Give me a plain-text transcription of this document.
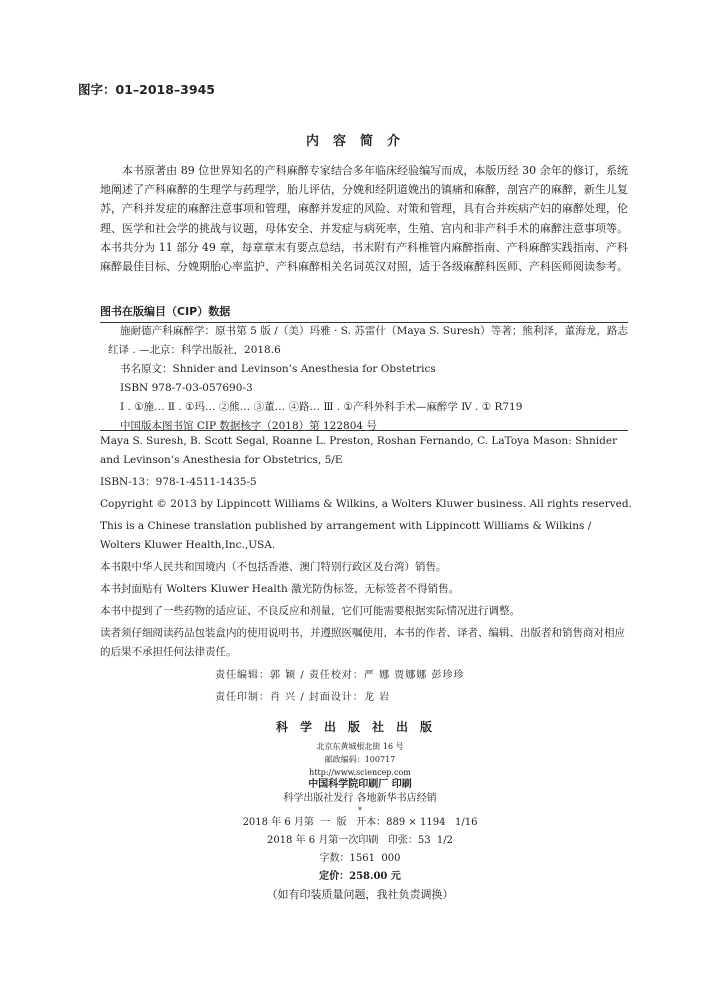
图字：01–2018–3945
内容简介
本书原著由 89 位世界知名的产科麻醉专家结合多年临床经验编写而成，本版历经 30 余年的修订，系统地阐述了产科麻醉的生理学与药理学，胎儿评估，分娩和经阴道娩出的镇痛和麻醉，剖宫产的麻醉，新生儿复苏，产科并发症的麻醉注意事项和管理，麻醉并发症的风险、对策和管理，具有合并疾病产妇的麻醉处理，伦理、医学和社会学的挑战与议题，母体安全、并发症与病死率，生殖、宫内和非产科手术的麻醉注意事项等。本书共分为 11 部分 49 章，每章章末有要点总结，书末附有产科椎管内麻醉指南、产科麻醉实践指南、产科麻醉最佳目标、分娩期胎心率监护、产科麻醉相关名词英汉对照，适于各级麻醉科医师、产科医师阅读参考。
图书在版编目（CIP）数据

施耐德产科麻醉学：原书第 5 版 /（美）玛雅 · S. 苏雷什（Maya S. Suresh）等著；熊利泽，董海龙，路志红译 . —北京：科学出版社，2018.6

书名原文：Shnider and Levinson’s Anesthesia for Obstetrics

ISBN 978-7-03-057690-3

Ⅰ . ①施… Ⅱ . ①玛… ②熊… ③董… ④路… Ⅲ . ①产科外科手术—麻醉学 Ⅳ . ① R719

中国版本图书馆 CIP 数据核字（2018）第 122804 号

Maya S. Suresh, B. Scott Segal, Roanne L. Preston, Roshan Fernando, C. LaToya Mason: Shnider and Levinson’s Anesthesia for Obstetrics, 5/E

ISBN-13：978-1-4511-1435-5

Copyright © 2013 by Lippincott Williams & Wilkins, a Wolters Kluwer business. All rights reserved.

This is a Chinese translation published by arrangement with Lippincott Williams & Wilkins / Wolters Kluwer Health,Inc.,USA.

本书限中华人民共和国境内（不包括香港、澳门特别行政区及台湾）销售。

本书封面贴有 Wolters Kluwer Health 激光防伪标签，无标签者不得销售。

本书中提到了一些药物的适应证、不良反应和剂量，它们可能需要根据实际情况进行调整。

读者须仔细阅读药品包装盒内的使用说明书，并遵照医嘱使用，本书的作者、译者、编辑、出版者和销售商对相应的后果不承担任何法律责任。

责任编辑：郭 颖 / 责任校对：严 娜 贾娜娜 彭珍珍

责任印制：肖 兴 / 封面设计：龙 岩

科学出版社出版
北京东黄城根北街 16 号
邮政编码：100717
http://www.sciencep.com
中国科学院印刷厂 印刷
科学出版社发行 各地新华书店经销
*
2018 年 6 月第  一  版   开本：889 × 1194   1/16
2018 年 6 月第一次印刷   印张：53  1/2
字数：1561  000
定价：258.00 元
（如有印装质量问题，我社负责调换）
